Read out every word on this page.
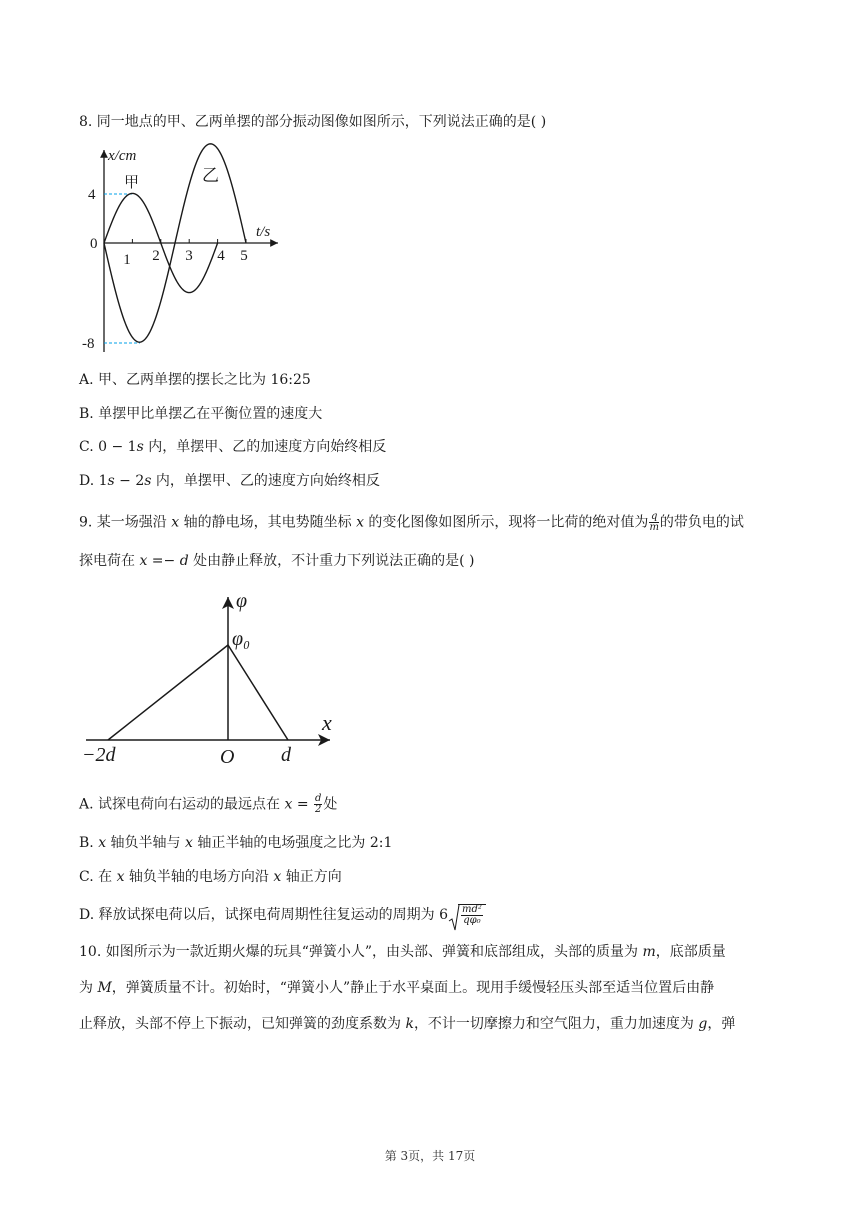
8. 同一地点的甲、乙两单摆的部分振动图像如图所示，下列说法正确的是( )
x/cm
0
4
-8
1 2 3 4 5
t/s
甲	乙
A. 甲、乙两单摆的摆长之比为 16:25
B. 单摆甲比单摆乙在平衡位置的速度大
C. 0 − 1s 内，单摆甲、乙的加速度方向始终相反
D. 1s − 2s 内，单摆甲、乙的速度方向始终相反
9. 某一场强沿 x 轴的静电场，其电势随坐标 x 的变化图像如图所示，现将一比荷的绝对值为 $\frac{q}{m}$ 的带负电的试
探电荷在 x =− d 处由静止释放，不计重力下列说法正确的是( )
φ
φ₀
x
−2d	O d
A. 试探电荷向右运动的最远点在 $x = \frac{d}{2}$ 处
B. x 轴负半轴与 x 轴正半轴的电场强度之比为 2:1
C. 在 x 轴负半轴的电场方向沿 x 轴正方向
D. 释放试探电荷以后，试探电荷周期性往复运动的周期为 $6 \frac{\text{md²}}{\text{qφ₀}}$
10. 如图所示为一款近期火爆的玩具“弹簧小人”，由头部、弹簧和底部组成，头部的质量为 m，底部质量
为 M，弹簧质量不计。初始时，“弹簧小人”静止于水平桌面上。现用手缓慢轻压头部至适当位置后由静
止释放，头部不停上下振动，已知弹簧的劲度系数为 k，不计一切摩擦力和空气阻力，重力加速度为 g，弹
第 3页，共 17页
